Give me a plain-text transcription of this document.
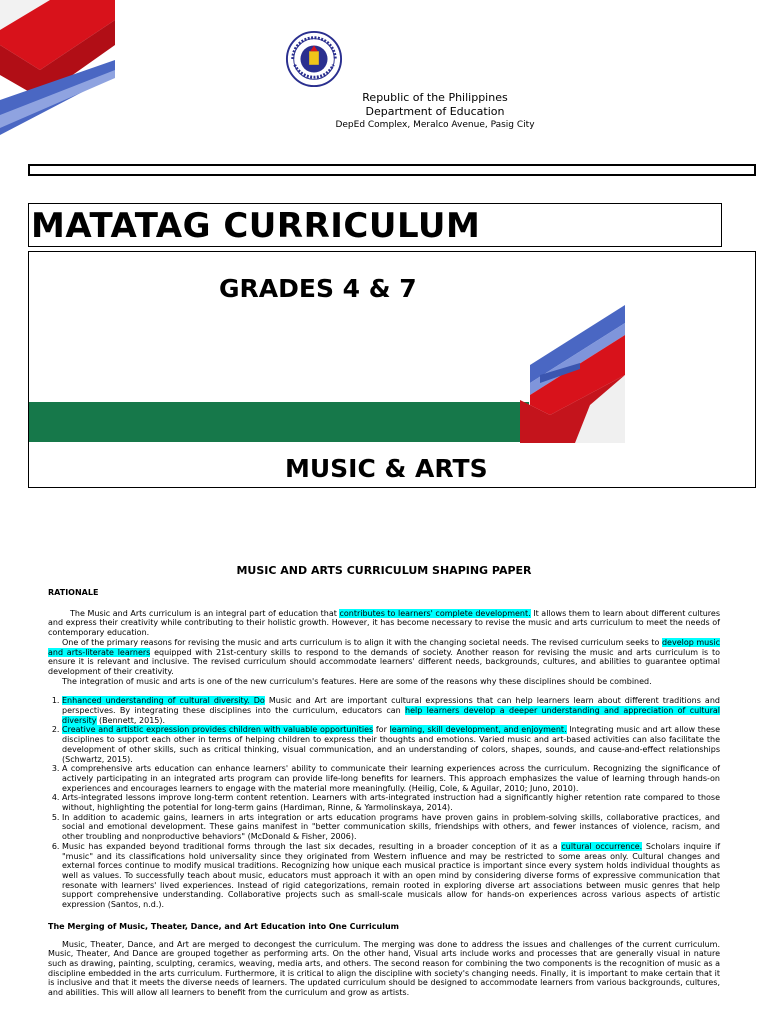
Republic of the Philippines
Department of Education
DepEd Complex, Meralco Avenue, Pasig City
MATATAG CURRICULUM
GRADES 4 & 7
MUSIC & ARTS
MUSIC AND ARTS CURRICULUM SHAPING PAPER
RATIONALE

The Music and Arts curriculum is an integral part of education that contributes to learners' complete development. It allows them to learn about different cultures and express their creativity while contributing to their holistic growth. However, it has become necessary to revise the music and arts curriculum to meet the needs of contemporary education.

One of the primary reasons for revising the music and arts curriculum is to align it with the changing societal needs. The revised curriculum seeks to develop music and arts-literate learners equipped with 21st-century skills to respond to the demands of society. Another reason for revising the music and arts curriculum is to ensure it is relevant and inclusive. The revised curriculum should accommodate learners' different needs, backgrounds, cultures, and abilities to guarantee optimal development of their creativity.

The integration of music and arts is one of the new curriculum's features. Here are some of the reasons why these disciplines should be combined.

1. Enhanced understanding of cultural diversity. Do Music and Art are important cultural expressions that can help learners learn about different traditions and perspectives. By integrating these disciplines into the curriculum, educators can help learners develop a deeper understanding and appreciation of cultural diversity (Bennett, 2015).
2. Creative and artistic expression provides children with valuable opportunities for learning, skill development, and enjoyment. Integrating music and art allow these disciplines to support each other in terms of helping children to express their thoughts and emotions. Varied music and art-based activities can also facilitate the development of other skills, such as critical thinking, visual communication, and an understanding of colors, shapes, sounds, and cause-and-effect relationships (Schwartz, 2015).
3. A comprehensive arts education can enhance learners' ability to communicate their learning experiences across the curriculum. Recognizing the significance of actively participating in an integrated arts program can provide life-long benefits for learners. This approach emphasizes the value of learning through hands-on experiences and encourages learners to engage with the material more meaningfully. (Heilig, Cole, & Aguilar, 2010; Juno, 2010).
4. Arts-integrated lessons improve long-term content retention. Learners with arts-integrated instruction had a significantly higher retention rate compared to those without, highlighting the potential for long-term gains (Hardiman, Rinne, & Yarmolinskaya, 2014).
5. In addition to academic gains, learners in arts integration or arts education programs have proven gains in problem-solving skills, collaborative practices, and social and emotional development. These gains manifest in "better communication skills, friendships with others, and fewer instances of violence, racism, and other troubling and nonproductive behaviors" (McDonald & Fisher, 2006).
6. Music has expanded beyond traditional forms through the last six decades, resulting in a broader conception of it as a cultural occurrence. Scholars inquire if "music" and its classifications hold universality since they originated from Western influence and may be restricted to some areas only. Cultural changes and external forces continue to modify musical traditions. Recognizing how unique each musical practice is important since every system holds individual thoughts as well as values. To successfully teach about music, educators must approach it with an open mind by considering diverse forms of expressive communication that resonate with learners' lived experiences. Instead of rigid categorizations, remain rooted in exploring diverse art associations between music genres that help support comprehensive understanding. Collaborative projects such as small-scale musicals allow for hands-on experiences across various aspects of artistic expression (Santos, n.d.).
The Merging of Music, Theater, Dance, and Art Education into One Curriculum

Music, Theater, Dance, and Art are merged to decongest the curriculum. The merging was done to address the issues and challenges of the current curriculum. Music, Theater, And Dance are grouped together as performing arts. On the other hand, Visual arts include works and processes that are generally visual in nature such as drawing, painting, sculpting, ceramics, weaving, media arts, and others. The second reason for combining the two components is the recognition of music as a discipline embedded in the arts curriculum. Furthermore, it is critical to align the discipline with society's changing needs. Finally, it is important to make certain that it is inclusive and that it meets the diverse needs of learners. The updated curriculum should be designed to accommodate learners from various backgrounds, cultures, and abilities. This will allow all learners to benefit from the curriculum and grow as artists.
